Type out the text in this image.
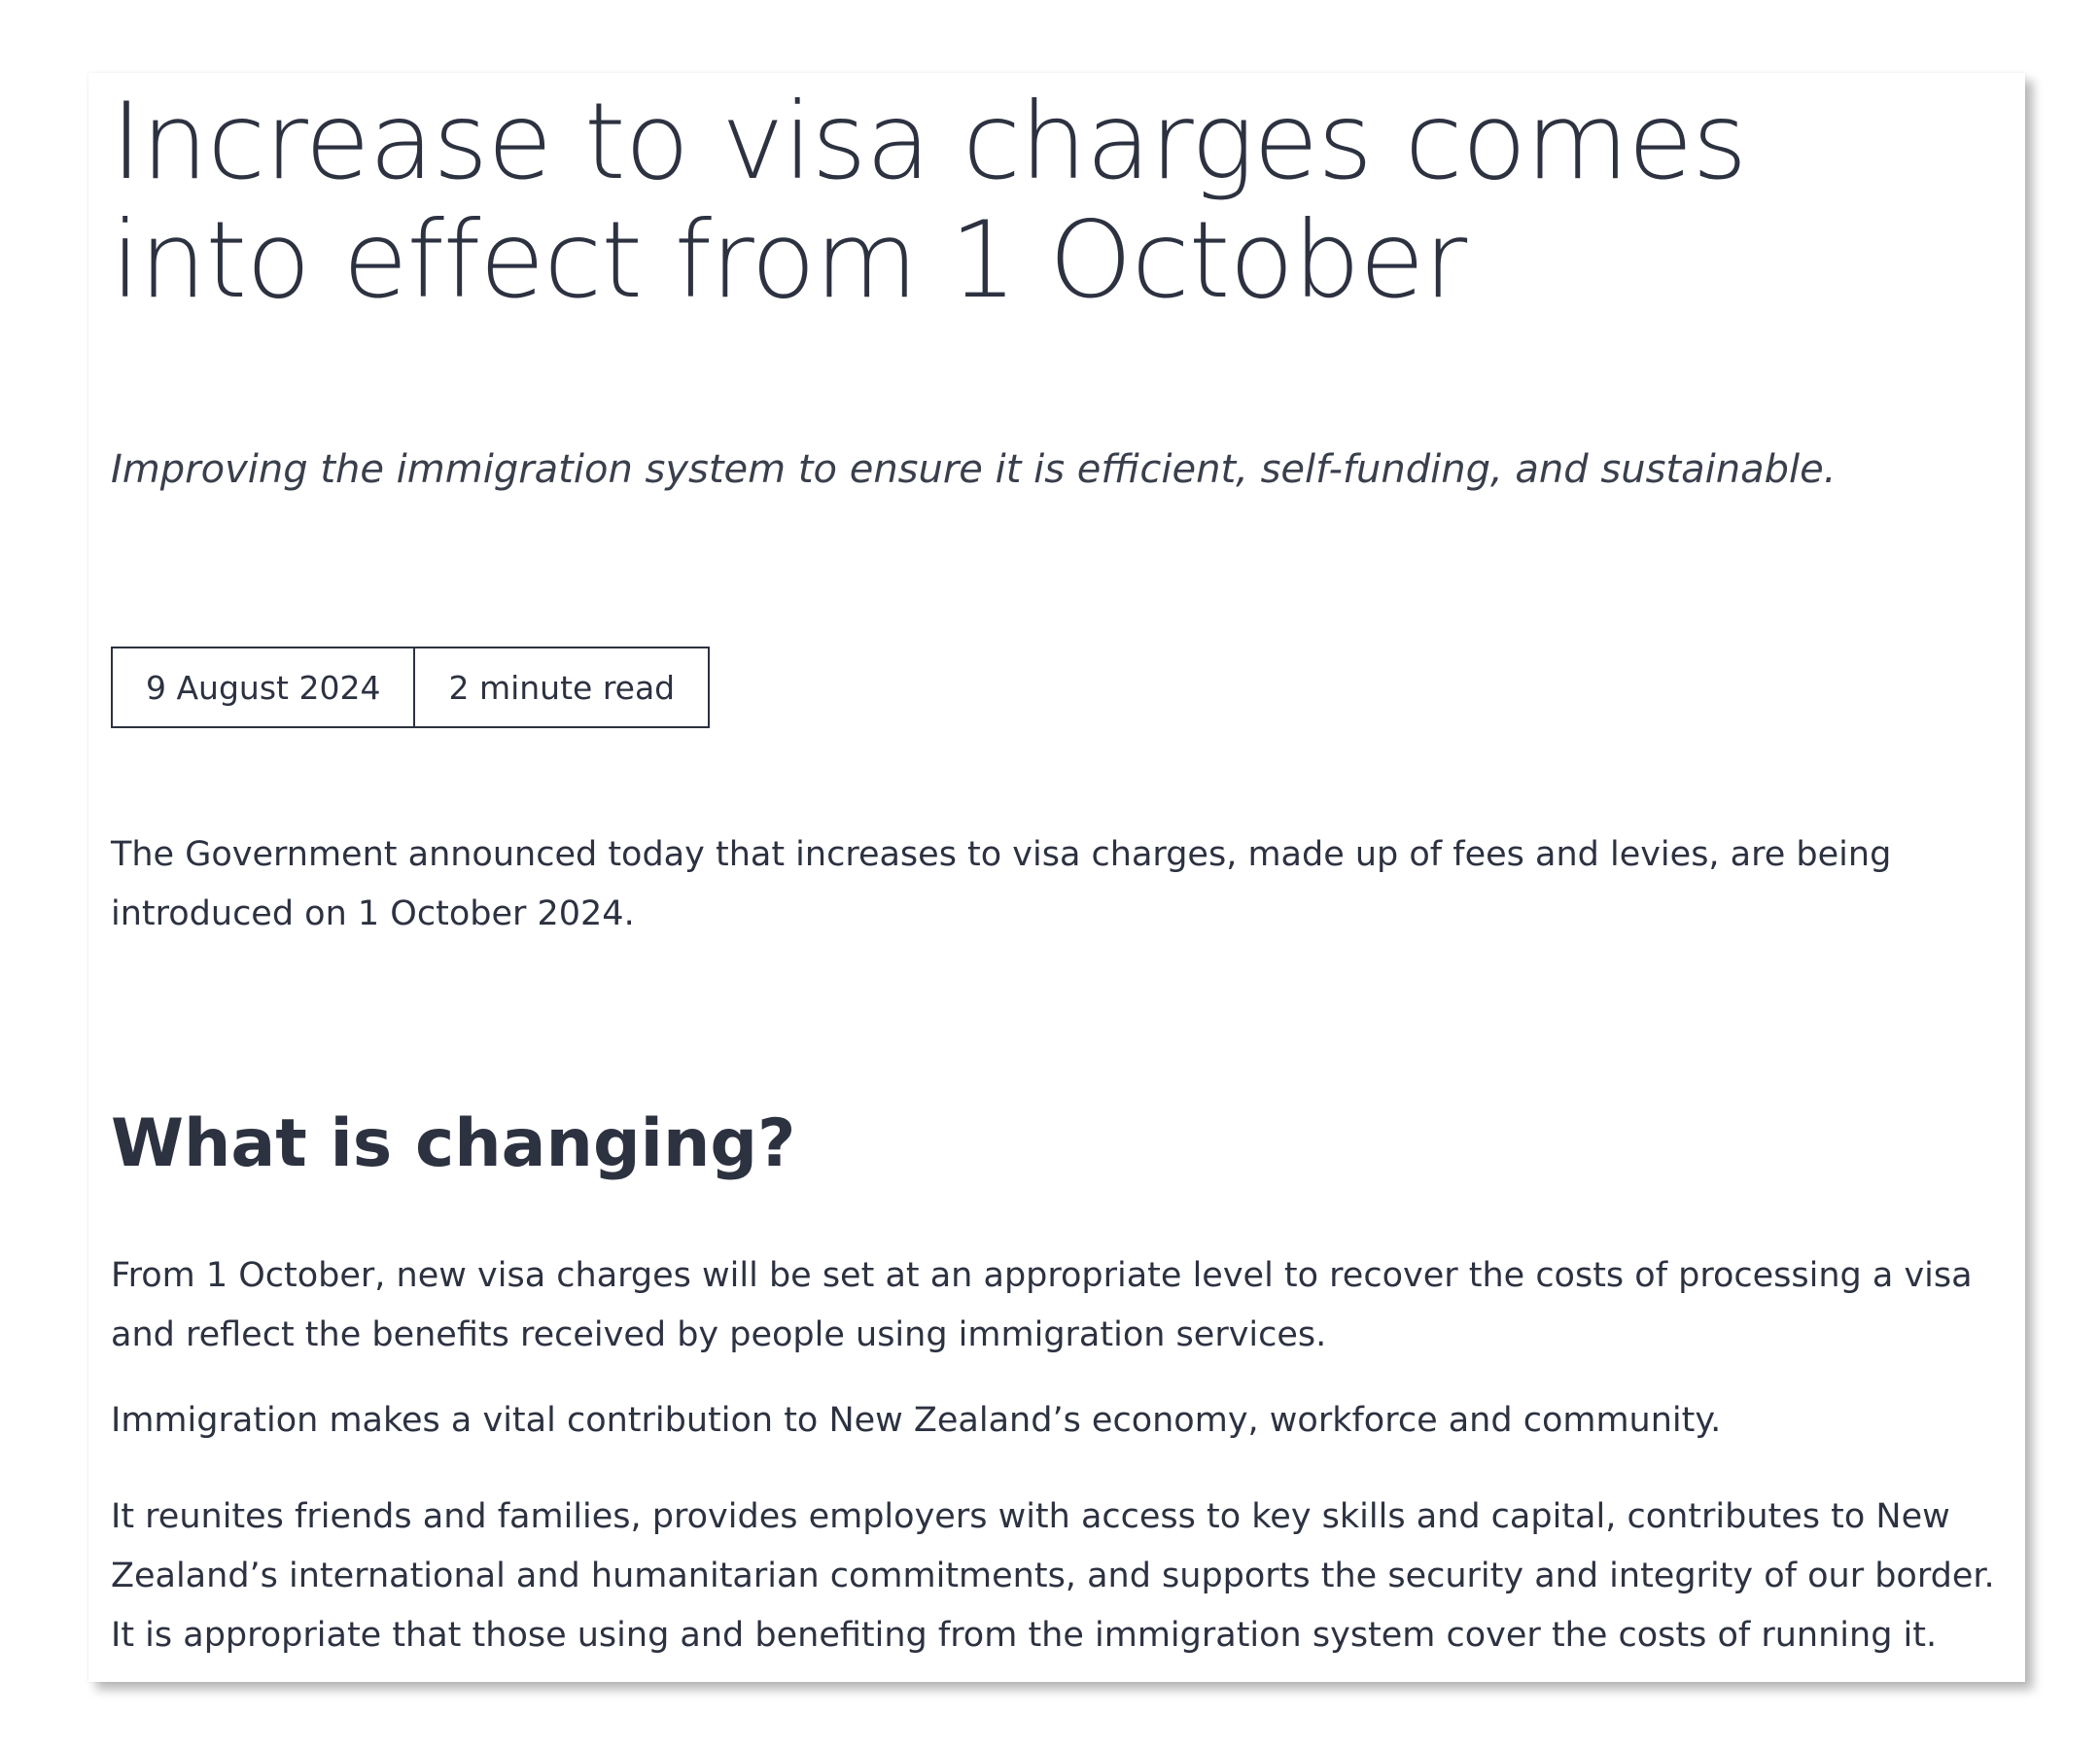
Increase to visa charges comes into effect from 1 October

Improving the immigration system to ensure it is efficient, self-funding, and sustainable.

9 August 2024	2 minute read

The Government announced today that increases to visa charges, made up of fees and levies, are being introduced on 1 October 2024.

What is changing?

From 1 October, new visa charges will be set at an appropriate level to recover the costs of processing a visa and reflect the benefits received by people using immigration services.

Immigration makes a vital contribution to New Zealand’s economy, workforce and community.

It reunites friends and families, provides employers with access to key skills and capital, contributes to New Zealand’s international and humanitarian commitments, and supports the security and integrity of our border. It is appropriate that those using and benefiting from the immigration system cover the costs of running it.
